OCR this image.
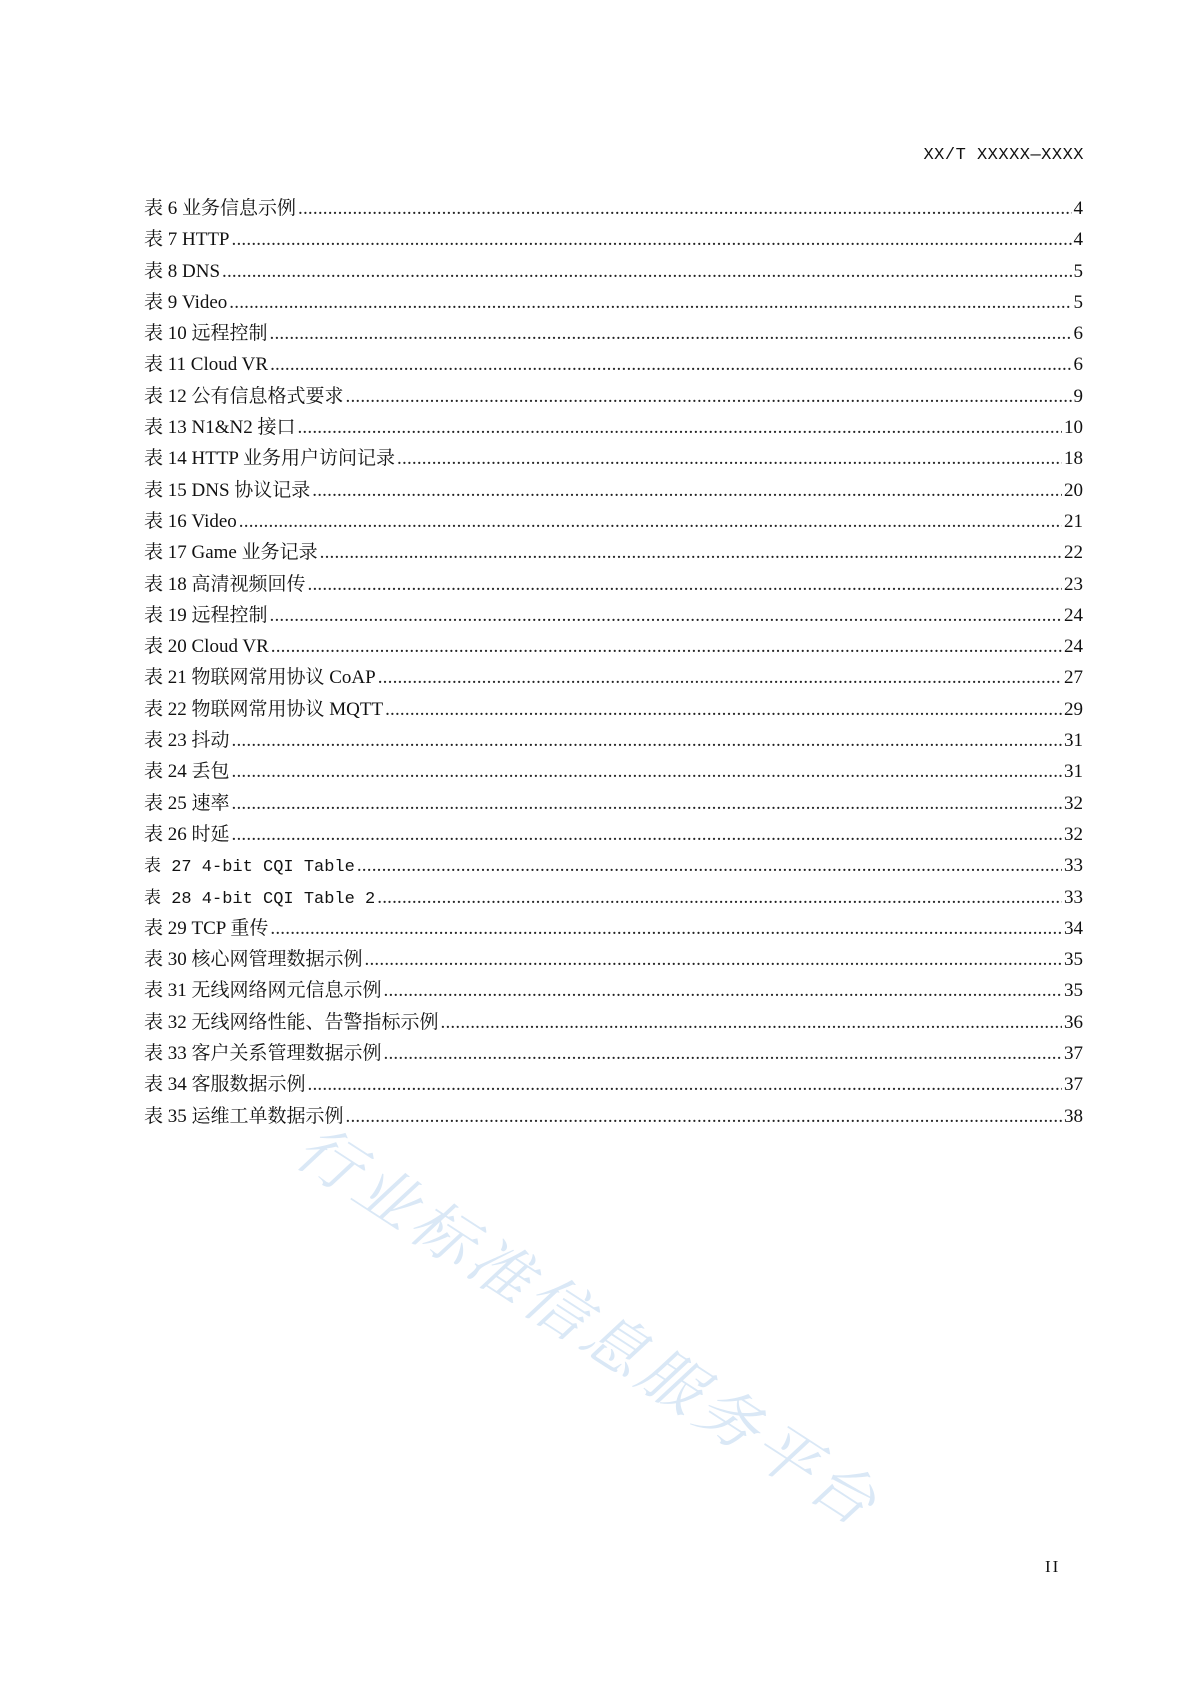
XX/T XXXXX—XXXX
表 6 业务信息示例 .....	4
表 7 HTTP .....	4
表 8 DNS .....	5
表 9 Video .....	5
表 10 远程控制 .....	6
表 11 Cloud VR .....	6
表 12 公有信息格式要求 .....	9
表 13 N1&N2 接口 .....	10
表 14 HTTP 业务用户访问记录 .....	18
表 15 DNS 协议记录 .....	20
表 16 Video .....	21
表 17 Game 业务记录 .....	22
表 18 高清视频回传 .....	23
表 19 远程控制 .....	24
表 20 Cloud VR .....	24
表 21 物联网常用协议 CoAP .....	27
表 22 物联网常用协议 MQTT .....	29
表 23 抖动 .....	31
表 24 丢包 .....	31
表 25 速率 .....	32
表 26 时延 .....	32
表 27 4-bit CQI Table .....	33
表 28 4-bit CQI Table 2 .....	33
表 29 TCP 重传 .....	34
表 30 核心网管理数据示例 .....	35
表 31 无线网络网元信息示例 .....	35
表 32 无线网络性能、告警指标示例 .....	36
表 33 客户关系管理数据示例 .....	37
表 34 客服数据示例 .....	37
表 35 运维工单数据示例 .....	38
行业标准信息服务平台
II
